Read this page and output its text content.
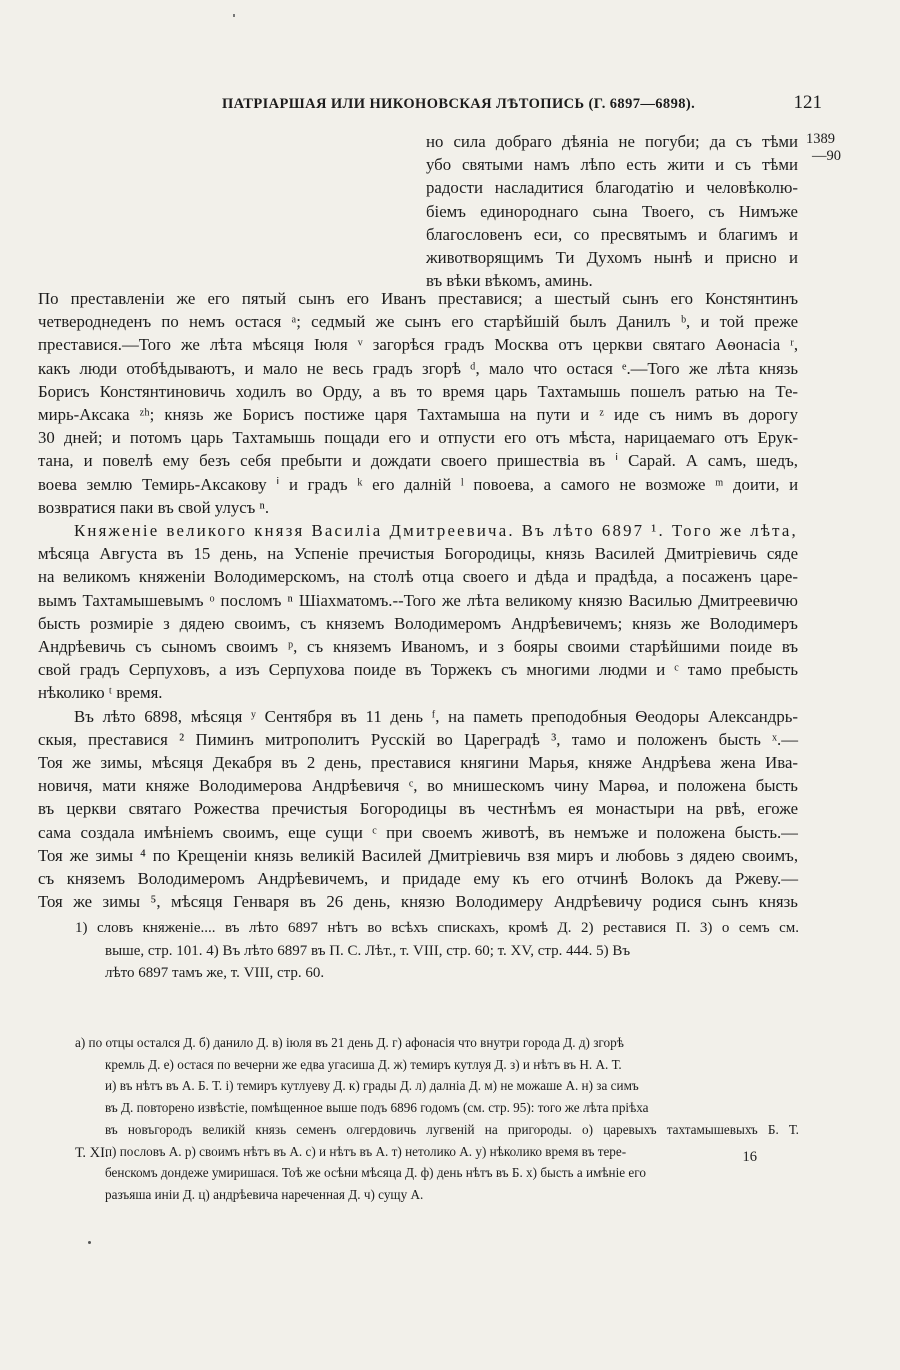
ПАТРІАРШАЯ ИЛИ НИКОНОВСКАЯ ЛѢТОПИСЬ (Г. 6897—6898).	121
1389
—90
но сила добраго дѣяніа не погуби; да съ тѣми
убо святыми намъ лѣпо есть жити и съ тѣми
радости насладитися благодатію и человѣколю-
біемъ единороднаго сына Твоего, съ Нимъже
благословенъ еси, со пресвятымъ и благимъ и
животворящимъ Ти Духомъ нынѣ и присно и
въ вѣки вѣкомъ, аминь.
По преставленіи же его пятый сынъ его Иванъ преставися; а шестый сынъ его Констянтинъ
четвероднеденъ по немъ остася ᵃ; седмый же сынъ его старѣйшій былъ Данилъ ᵇ, и той преже
преставися.—Того же лѣта мѣсяця Іюля ᵛ загорѣся градъ Москва отъ церкви святаго Аѳонасіа ʳ,
какъ люди отобѣдываютъ, и мало не весь градъ згорѣ ᵈ, мало что остася ᵉ.—Того же лѣта князь
Борисъ Констянтиновичь ходилъ во Орду, а въ то время царь Тахтамышь пошелъ ратью на Те-
мирь-Аксака ᶻʰ; князь же Борисъ постиже царя Тахтамыша на пути и ᶻ иде съ нимъ въ дорогу
30 дней; и потомъ царь Тахтамышь пощади его и отпусти его отъ мѣста, нарицаемаго отъ Ерук-
тана, и повелѣ ему безъ себя пребыти и дождати своего пришествіа въ ⁱ Сарай. А самъ, шедъ,
воева землю Темирь-Аксакову ⁱ и градъ ᵏ его далній ˡ повоева, а самого не возможе ᵐ доити, и
возвратися паки въ свой улусъ ⁿ.
Княженіе великого князя Василіа Дмитреевича. Въ лѣто 6897 ¹. Того же лѣта,
мѣсяца Августа въ 15 день, на Успеніе пречистыя Богородицы, князь Василей Дмитріевичь сяде
на великомъ княженіи Володимерскомъ, на столѣ отца своего и дѣда и прадѣда, а посаженъ царе-
вымъ Тахтамышевымъ ᵒ посломъ ⁿ Шіахматомъ.--Того же лѣта великому князю Василью Дмитреевичю
бысть розмиріе з дядею своимъ, съ княземъ Володимеромъ Андрѣевичемъ; князь же Володимеръ
Андрѣевичь съ сыномъ своимъ ᵖ, съ княземъ Иваномъ, и з бояры своими старѣйшими поиде въ
свой градъ Серпуховъ, а изъ Серпухова поиде въ Торжекъ съ многими людми и ᶜ тамо пребысть
нѣколико ᵗ время.
Въ лѣто 6898, мѣсяця ʸ Сентября въ 11 день ᶠ, на паметь преподобныя Ѳеодоры Александрь-
скыя, преставися ² Пиминъ митрополитъ Русскій во Цареградѣ ³, тамо и положенъ бысть ˣ.—
Тоя же зимы, мѣсяця Декабря въ 2 день, преставися княгини Марья, княже Андрѣева жена Ива-
новичя, мати княже Володимерова Андрѣевичя ᶜ, во мнишескомъ чину Марѳа, и положена бысть
въ церкви святаго Рожества пречистыя Богородицы въ честнѣмъ ея монастыри на рвѣ, егоже
сама создала имѣніемъ своимъ, еще сущи ᶜ при своемъ животѣ, въ немъже и положена бысть.—
Тоя же зимы ⁴ по Крещеніи князь великій Василей Дмитріевичь взя миръ и любовь з дядею своимъ,
съ княземъ Володимеромъ Андрѣевичемъ, и придаде ему къ его отчинѣ Волокъ да Ржеву.—
Тоя же зимы ⁵, мѣсяця Генваря въ 26 день, князю Володимеру Андрѣевичу родися сынъ князь
1) словъ княженіе.... въ лѣто 6897 нѣтъ во всѣхъ спискахъ, кромѣ Д. 2) реставися П. 3) о семъ см.
выше, стр. 101. 4) Въ лѣто 6897 въ П. С. Лѣт., т. VIII, стр. 60; т. XV, стр. 444. 5) Въ
лѣто 6897 тамъ же, т. VIII, стр. 60.
а) по отцы остался Д. б) данило Д. в) іюля въ 21 день Д. г) афонасія что внутри города Д. д) згорѣ
кремль Д. е) остася по вечерни же едва угасиша Д. ж) темиръ кутлуя Д. з) и нѣтъ въ Н. А. Т.
и) въ нѣтъ въ А. Б. Т. і) темиръ кутлуеву Д. к) грады Д. л) далніа Д. м) не можаше А. н) за симъ
въ Д. повторено извѣстіе, помѣщенное выше подъ 6896 годомъ (см. стр. 95): того же лѣта пріѣха
въ новъгородъ великій князь семенъ олгердовичь лугвеній на пригороды. о) царевыхъ тахтамышевыхъ Б. Т.
п) пословъ А. р) своимъ нѣтъ въ А. с) и нѣтъ въ А. т) нетолико А. у) нѣколико время въ тере-
бенскомъ дондеже умиришася. Тоѣ же осѣни мѣсяца Д. ф) день нѣтъ въ Б. х) бысть а имѣніе его
разъяша иніи Д. ц) андрѣевича нареченная Д. ч) сущу А.
Т. XI.	16
